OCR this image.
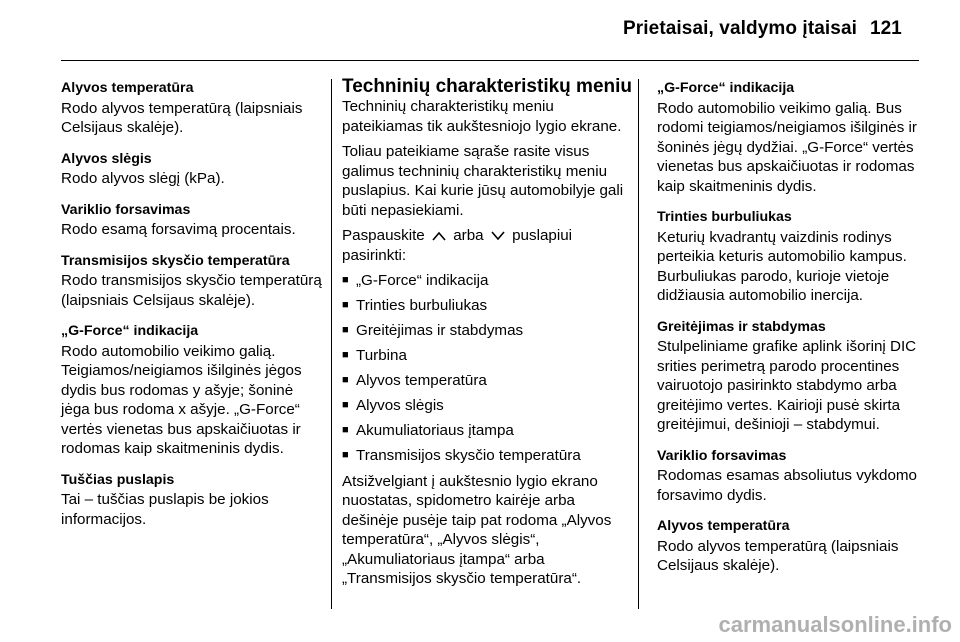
Prietaisai, valdymo įtaisai 121
Alyvos temperatūra
Rodo alyvos temperatūrą (laipsniais Celsijaus skalėje).
Alyvos slėgis
Rodo alyvos slėgį (kPa).
Variklio forsavimas
Rodo esamą forsavimą procentais.
Transmisijos skysčio temperatūra
Rodo transmisijos skysčio temperatūrą (laipsniais Celsijaus skalėje).
„G-Force“ indikacija
Rodo automobilio veikimo galią. Teigiamos/neigiamos išilginės jėgos dydis bus rodomas y ašyje; šoninė jėga bus rodoma x ašyje. „G-Force“ vertės vienetas bus apskaičiuotas ir rodomas kaip skaitmeninis dydis.
Tuščias puslapis
Tai – tuščias puslapis be jokios informacijos.
Techninių charakteristikų meniu
Techninių charakteristikų meniu pateikiamas tik aukštesniojo lygio ekrane.
Toliau pateikiame sąraše rasite visus galimus techninių charakteristikų meniu puslapius. Kai kurie jūsų automobilyje gali būti nepasiekiami.
Paspauskite arba puslapiui pasirinkti:
■ „G-Force“ indikacija
■ Trinties burbuliukas
■ Greitėjimas ir stabdymas
■ Turbina
■ Alyvos temperatūra
■ Alyvos slėgis
■ Akumuliatoriaus įtampa
■ Transmisijos skysčio temperatūra
Atsižvelgiant į aukštesnio lygio ekrano nuostatas, spidometro kairėje arba dešinėje pusėje taip pat rodoma „Alyvos temperatūra“, „Alyvos slėgis“, „Akumuliatoriaus įtampa“ arba „Transmisijos skysčio temperatūra“.
„G-Force“ indikacija
Rodo automobilio veikimo galią. Bus rodomi teigiamos/neigiamos išilginės ir šoninės jėgų dydžiai. „G-Force“ vertės vienetas bus apskaičiuotas ir rodomas kaip skaitmeninis dydis.
Trinties burbuliukas
Keturių kvadrantų vaizdinis rodinys perteikia keturis automobilio kampus. Burbuliukas parodo, kurioje vietoje didžiausia automobilio inercija.
Greitėjimas ir stabdymas
Stulpeliniame grafike aplink išorinį DIC srities perimetrą parodo procentines vairuotojo pasirinkto stabdymo arba greitėjimo vertes. Kairioji pusė skirta greitėjimui, dešinioji – stabdymui.
Variklio forsavimas
Rodomas esamas absoliutus vykdomo forsavimo dydis.
Alyvos temperatūra
Rodo alyvos temperatūrą (laipsniais Celsijaus skalėje).
carmanualsonline.info
